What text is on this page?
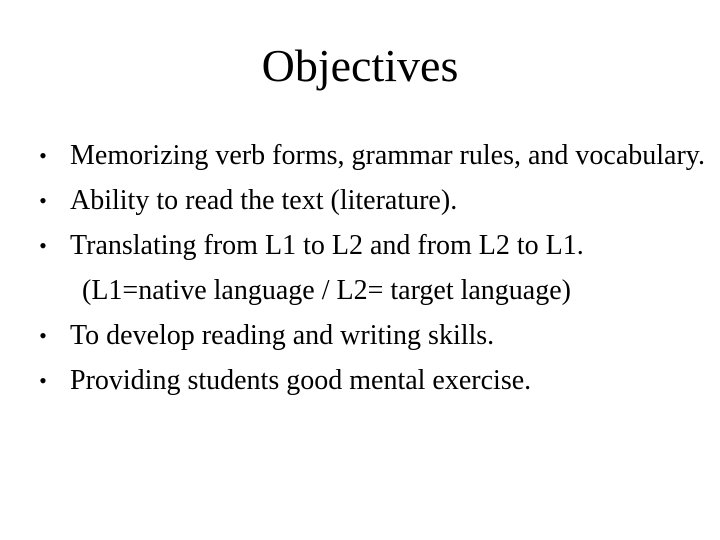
Objectives
• Memorizing verb forms, grammar rules, and vocabulary.
• Ability to read the text (literature).
• Translating from L1 to L2 and from L2 to L1.
(L1=native language / L2= target language)
• To develop reading and writing skills.
• Providing students good mental exercise.
